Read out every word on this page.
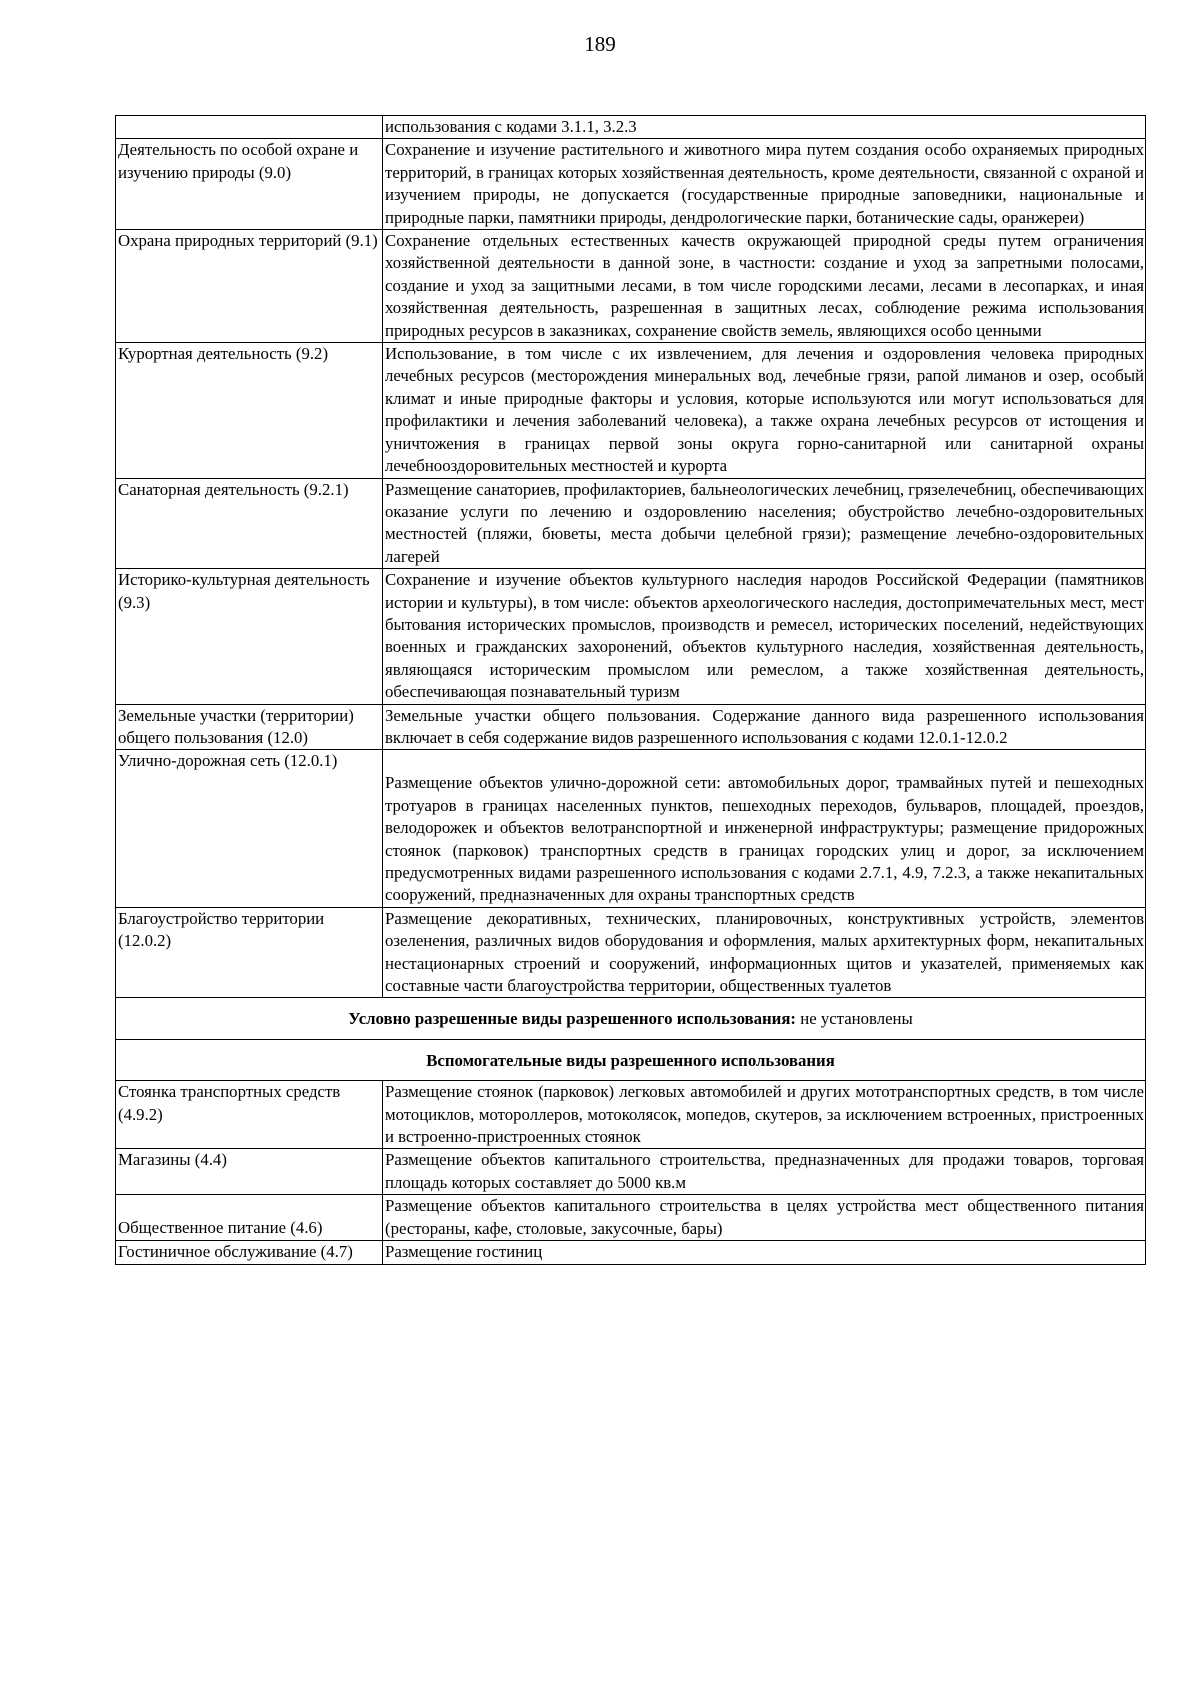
189
	использования с кодами 3.1.1, 3.2.3
Деятельность по особой охране и изучению природы (9.0)	Сохранение и изучение растительного и животного мира путем создания особо охраняемых природных территорий, в границах которых хозяйственная деятельность, кроме деятельности, связанной с охраной и изучением природы, не допускается (государственные природные заповедники, национальные и природные парки, памятники природы, дендрологические парки, ботанические сады, оранжереи)
Охрана природных территорий (9.1)	Сохранение отдельных естественных качеств окружающей природной среды путем ограничения хозяйственной деятельности в данной зоне, в частности: создание и уход за запретными полосами, создание и уход за защитными лесами, в том числе городскими лесами, лесами в лесопарках, и иная хозяйственная деятельность, разрешенная в защитных лесах, соблюдение режима использования природных ресурсов в заказниках, сохранение свойств земель, являющихся особо ценными
Курортная деятельность (9.2)	Использование, в том числе с их извлечением, для лечения и оздоровления человека природных лечебных ресурсов (месторождения минеральных вод, лечебные грязи, рапой лиманов и озер, особый климат и иные природные факторы и условия, которые используются или могут использоваться для профилактики и лечения заболеваний человека), а также охрана лечебных ресурсов от истощения и уничтожения в границах первой зоны округа горно-санитарной или санитарной охраны лечебнооздоровительных местностей и курорта
Санаторная деятельность (9.2.1)	Размещение санаториев, профилакториев, бальнеологических лечебниц, грязелечебниц, обеспечивающих оказание услуги по лечению и оздоровлению населения; обустройство лечебно-оздоровительных местностей (пляжи, бюветы, места добычи целебной грязи); размещение лечебно-оздоровительных лагерей
Историко-культурная деятельность (9.3)	Сохранение и изучение объектов культурного наследия народов Российской Федерации (памятников истории и культуры), в том числе: объектов археологического наследия, достопримечательных мест, мест бытования исторических промыслов, производств и ремесел, исторических поселений, недействующих военных и гражданских захоронений, объектов культурного наследия, хозяйственная деятельность, являющаяся историческим промыслом или ремеслом, а также хозяйственная деятельность, обеспечивающая познавательный туризм
Земельные участки (территории) общего пользования (12.0)	Земельные участки общего пользования. Содержание данного вида разрешенного использования включает в себя содержание видов разрешенного использования с кодами 12.0.1-12.0.2
Улично-дорожная сеть (12.0.1)	Размещение объектов улично-дорожной сети: автомобильных дорог, трамвайных путей и пешеходных тротуаров в границах населенных пунктов, пешеходных переходов, бульваров, площадей, проездов, велодорожек и объектов велотранспортной и инженерной инфраструктуры; размещение придорожных стоянок (парковок) транспортных средств в границах городских улиц и дорог, за исключением предусмотренных видами разрешенного использования с кодами 2.7.1, 4.9, 7.2.3, а также некапитальных сооружений, предназначенных для охраны транспортных средств
Благоустройство территории (12.0.2)	Размещение декоративных, технических, планировочных, конструктивных устройств, элементов озеленения, различных видов оборудования и оформления, малых архитектурных форм, некапитальных нестационарных строений и сооружений, информационных щитов и указателей, применяемых как составные части благоустройства территории, общественных туалетов
Условно разрешенные виды разрешенного использования: не установлены	
Вспомогательные виды разрешенного использования	
Стоянка транспортных средств (4.9.2)	Размещение стоянок (парковок) легковых автомобилей и других мототранспортных средств, в том числе мотоциклов, мотороллеров, мотоколясок, мопедов, скутеров, за исключением встроенных, пристроенных и встроенно-пристроенных стоянок
Магазины (4.4)	Размещение объектов капитального строительства, предназначенных для продажи товаров, торговая площадь которых составляет до 5000 кв.м
Общественное питание (4.6)	Размещение объектов капитального строительства в целях устройства мест общественного питания (рестораны, кафе, столовые, закусочные, бары)
Гостиничное обслуживание (4.7)	Размещение гостиниц
